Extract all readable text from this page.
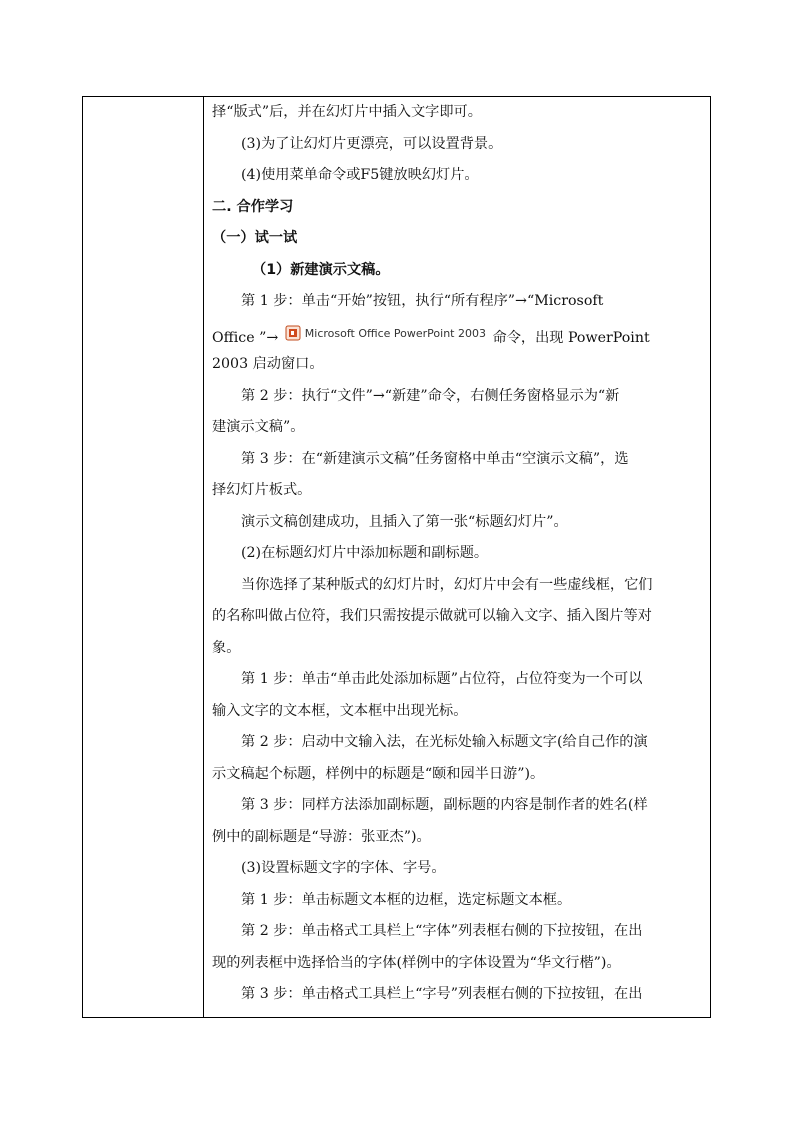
择“版式”后，并在幻灯片中插入文字即可。
(3)为了让幻灯片更漂亮，可以设置背景。
(4)使用菜单命令或F5键放映幻灯片。
二. 合作学习
（一）试一试
（1）新建演示文稿。
第 1 步：单击“开始”按钮，执行“所有程序”→“Microsoft
Office ”→ Microsoft Office PowerPoint 2003 命令，出现 PowerPoint
2003 启动窗口。
第 2 步：执行“文件”→“新建”命令，右侧任务窗格显示为“新
建演示文稿”。
第 3 步：在“新建演示文稿”任务窗格中单击“空演示文稿”，选
择幻灯片板式。
演示文稿创建成功，且插入了第一张“标题幻灯片”。
(2)在标题幻灯片中添加标题和副标题。
当你选择了某种版式的幻灯片时，幻灯片中会有一些虚线框，它们
的名称叫做占位符，我们只需按提示做就可以输入文字、插入图片等对
象。
第 1 步：单击“单击此处添加标题”占位符，占位符变为一个可以
输入文字的文本框，文本框中出现光标。
第 2 步：启动中文输入法，在光标处输入标题文字(给自己作的演
示文稿起个标题，样例中的标题是“颐和园半日游”)。
第 3 步：同样方法添加副标题，副标题的内容是制作者的姓名(样
例中的副标题是“导游：张亚杰”)。
(3)设置标题文字的字体、字号。
第 1 步：单击标题文本框的边框，选定标题文本框。
第 2 步：单击格式工具栏上“字体”列表框右侧的下拉按钮，在出
现的列表框中选择恰当的字体(样例中的字体设置为“华文行楷”)。
第 3 步：单击格式工具栏上“字号”列表框右侧的下拉按钮，在出
